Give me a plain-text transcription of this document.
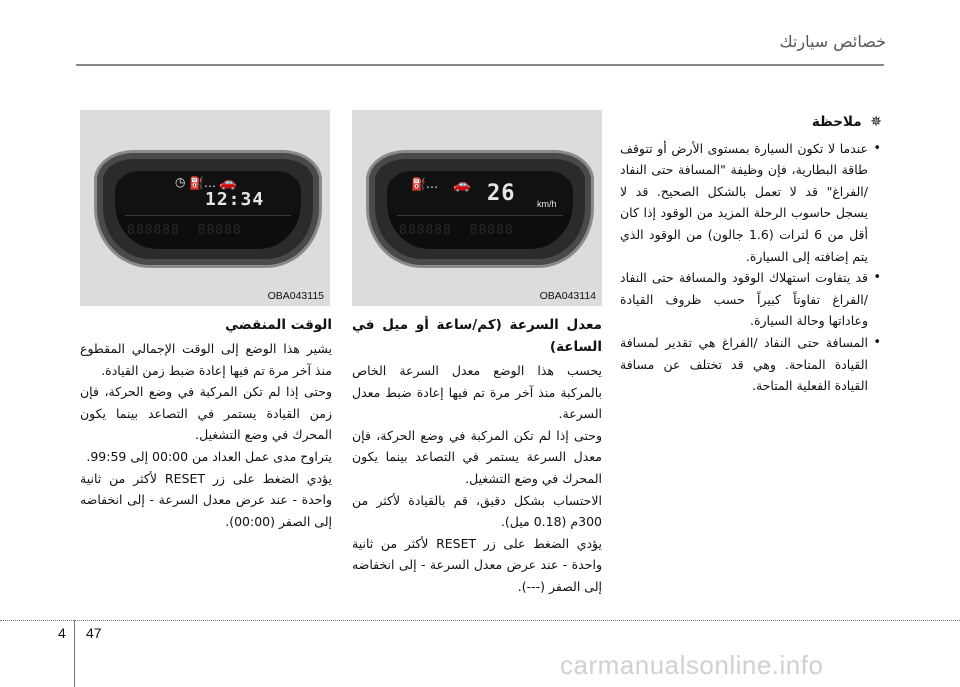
خصائص سيارتك
✵ ملاحظة
• عندما لا تكون السيارة بمستوى الأرض أو تتوقف طاقة البطارية، فإن وظيفة "المسافة حتى النفاد /الفراغ" قد لا تعمل بالشكل الصحيح. قد لا يسجل حاسوب الرحلة المزيد من الوقود إذا كان أقل من 6 لترات (1.6 جالون) من الوقود الذي يتم إضافته إلى السيارة.
• قد يتفاوت استهلاك الوقود والمسافة حتى النفاد /الفراغ تفاوتاً كبيراً حسب ظروف القيادة وعاداتها وحالة السيارة.
• المسافة حتى النفاد /الفراغ هي تقدير لمسافة القيادة المتاحة. وهي قد تختلف عن مسافة القيادة الفعلية المتاحة.
⛽… 🚗 26 km/h
888888  88888
OBA043114
◷ ⛽… 🚗
12:34
888888  88888
OBA043115
معدل السرعة (كم/ساعة أو ميل في الساعة)

يحسب هذا الوضع معدل السرعة الخاص بالمركبة منذ آخر مرة تم فيها إعادة ضبط معدل السرعة.

وحتى إذا لم تكن المركبة في وضع الحركة، فإن معدل السرعة يستمر في التصاعد بينما يكون المحرك في وضع التشغيل.

الاحتساب بشكل دقيق، قم بالقيادة لأكثر من 300م (0.18 ميل).

يؤدي الضغط على زر RESET لأكثر من ثانية واحدة - عند عرض معدل السرعة - إلى انخفاضه إلى الصفر (---).

الوقت المنقضي

يشير هذا الوضع إلى الوقت الإجمالي المقطوع منذ آخر مرة تم فيها إعادة ضبط زمن القيادة.

وحتى إذا لم تكن المركبة في وضع الحركة، فإن زمن القيادة يستمر في التصاعد بينما يكون المحرك في وضع التشغيل.

يتراوح مدى عمل العداد من 00:00 إلى 99:59.

يؤدي الضغط على زر RESET لأكثر من ثانية واحدة - عند عرض معدل السرعة - إلى انخفاضه إلى الصفر (00:00).

4 47
carmanualsonline.info
